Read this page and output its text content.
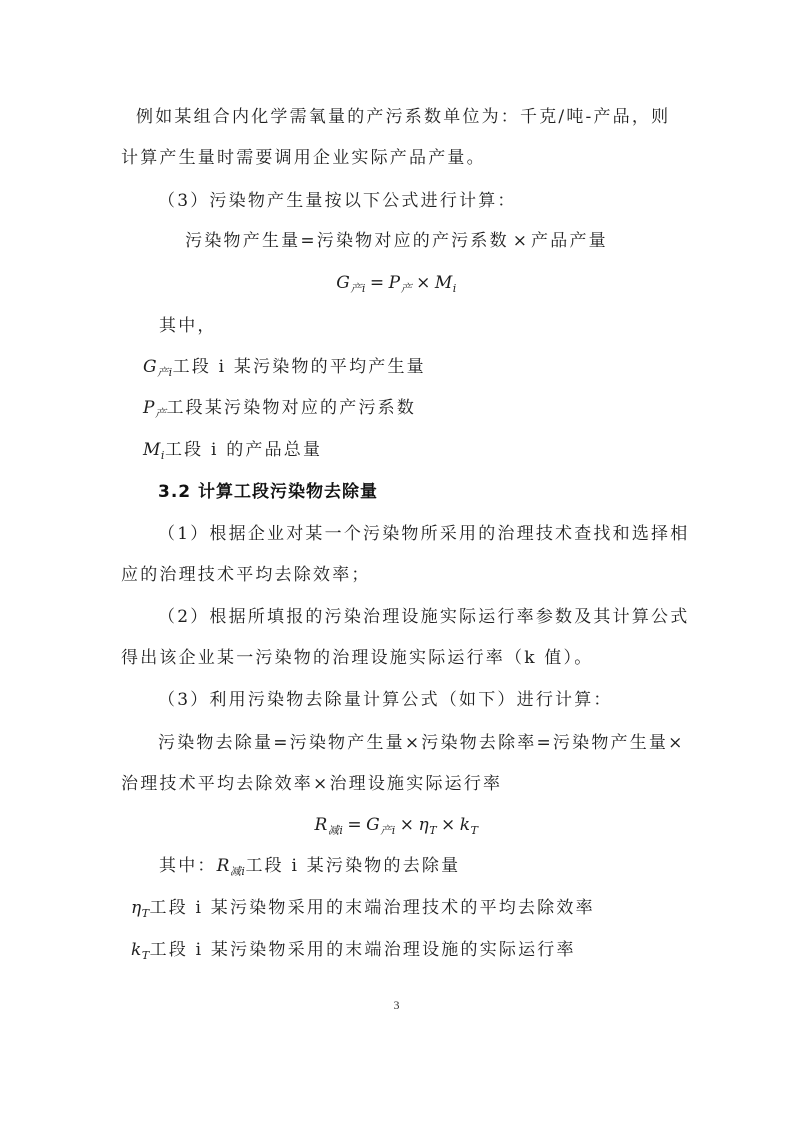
例如某组合内化学需氧量的产污系数单位为：千克/吨-产品，则
计算产生量时需要调用企业实际产品产量。
（3）污染物产生量按以下公式进行计算：
污染物产生量=污染物对应的产污系数 × 产品产量
$G_{产i} = P_产 \times M_i$
其中，
$G_{产i}$工段 i 某污染物的平均产生量
$P_产$工段某污染物对应的产污系数
$M_i$工段 i 的产品总量
3.2 计算工段污染物去除量
（1）根据企业对某一个污染物所采用的治理技术查找和选择相
应的治理技术平均去除效率；
（2）根据所填报的污染治理设施实际运行率参数及其计算公式
得出该企业某一污染物的治理设施实际运行率（k 值）。
（3）利用污染物去除量计算公式（如下）进行计算：
污染物去除量=污染物产生量×污染物去除率=污染物产生量×
治理技术平均去除效率×治理设施实际运行率
$R_{减i} = G_{产i} \times \eta_T \times k_T$
其中：$R_{减i}$工段 i 某污染物的去除量
$\eta_T$工段 i 某污染物采用的末端治理技术的平均去除效率
$k_T$工段 i 某污染物采用的末端治理设施的实际运行率
3
